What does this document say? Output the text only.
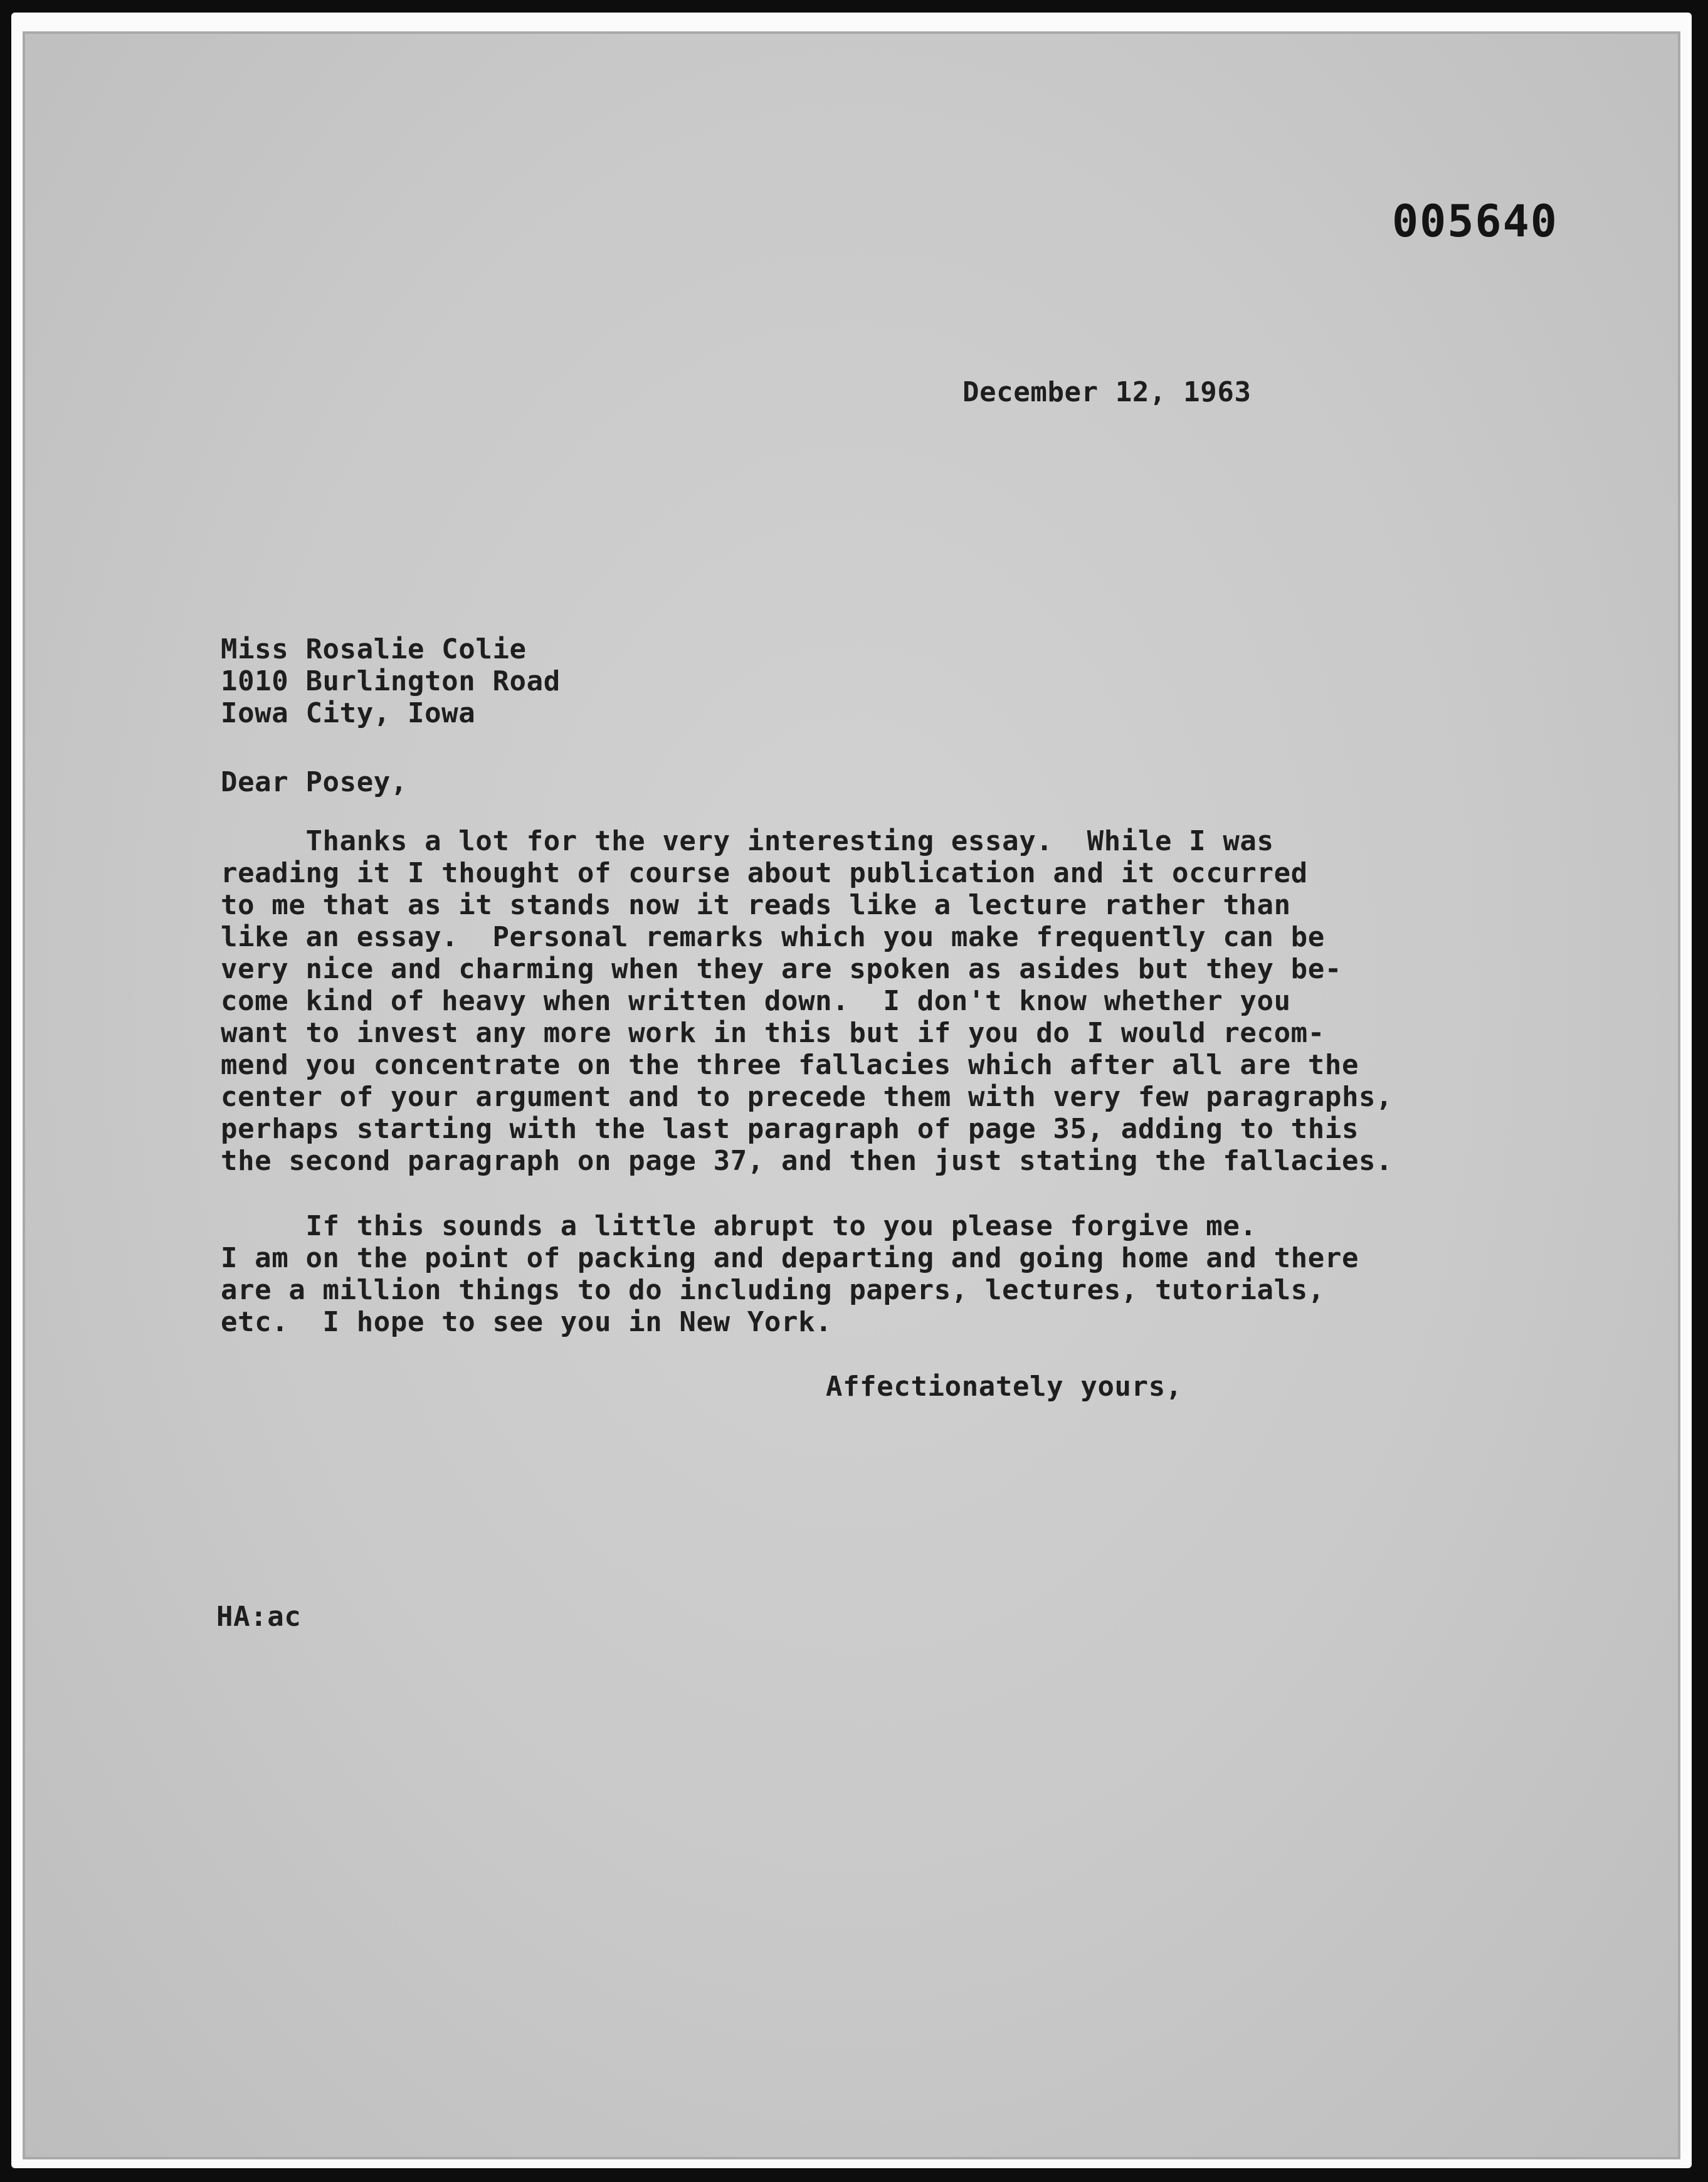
005640
December 12, 1963
Miss Rosalie Colie
1010 Burlington Road
Iowa City, Iowa
Dear Posey,
Thanks a lot for the very interesting essay.  While I was
reading it I thought of course about publication and it occurred
to me that as it stands now it reads like a lecture rather than
like an essay.  Personal remarks which you make frequently can be
very nice and charming when they are spoken as asides but they be-
come kind of heavy when written down.  I don't know whether you
want to invest any more work in this but if you do I would recom-
mend you concentrate on the three fallacies which after all are the
center of your argument and to precede them with very few paragraphs,
perhaps starting with the last paragraph of page 35, adding to this
the second paragraph on page 37, and then just stating the fallacies.
If this sounds a little abrupt to you please forgive me.
I am on the point of packing and departing and going home and there
are a million things to do including papers, lectures, tutorials,
etc.  I hope to see you in New York.
Affectionately yours,
HA:ac
